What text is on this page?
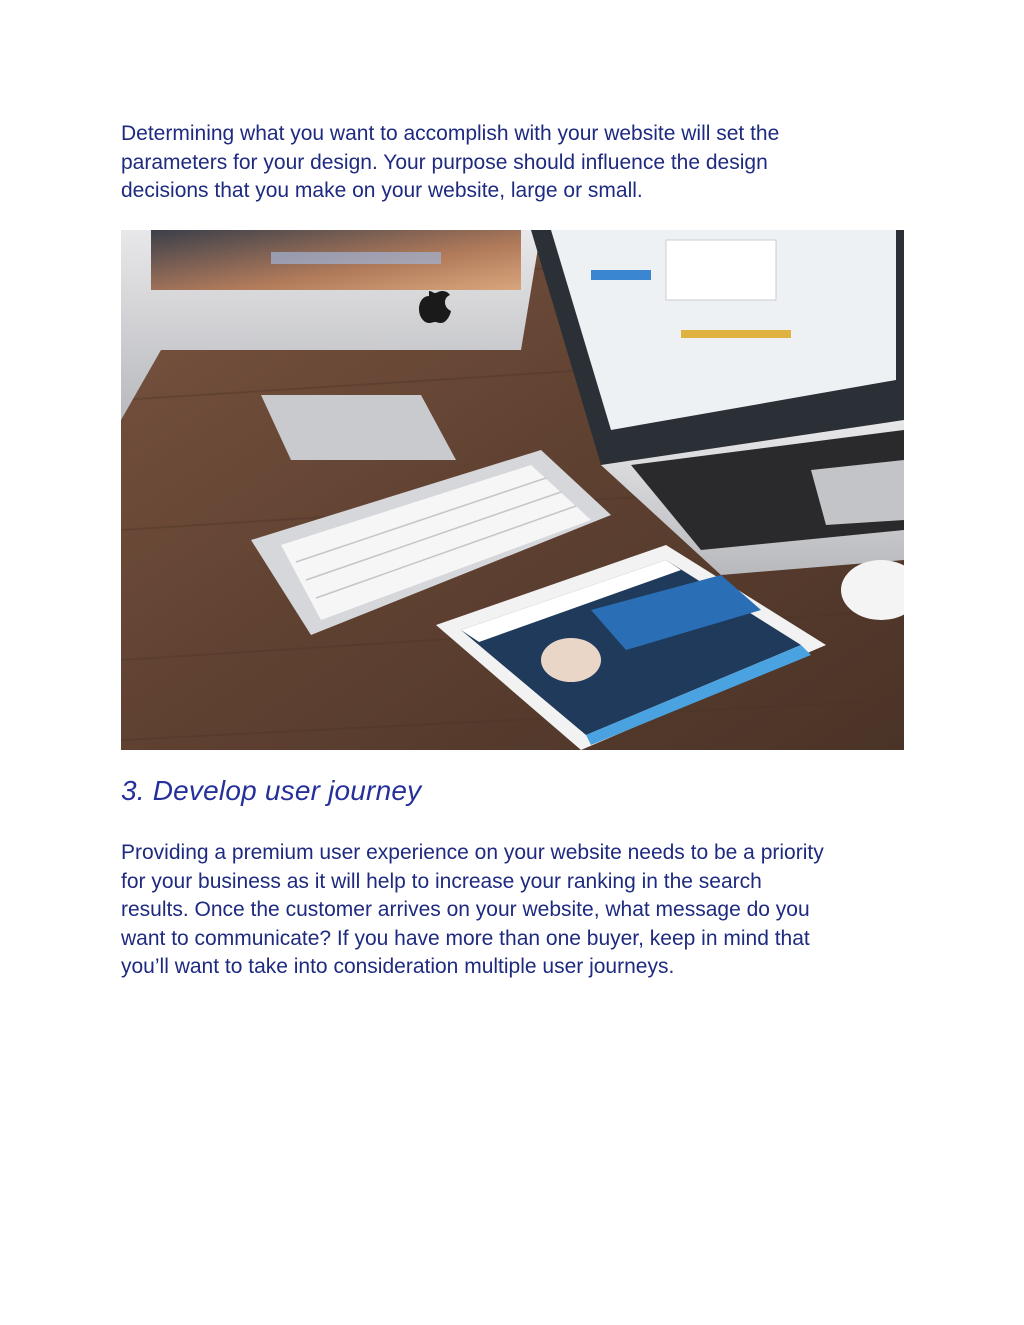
Determining what you want to accomplish with your website will set the
parameters for your design. Your purpose should influence the design
decisions that you make on your website, large or small.

3. Develop user journey

Providing a premium user experience on your website needs to be a priority
for your business as it will help to increase your ranking in the search
results. Once the customer arrives on your website, what message do you
want to communicate? If you have more than one buyer, keep in mind that
you’ll want to take into consideration multiple user journeys.
